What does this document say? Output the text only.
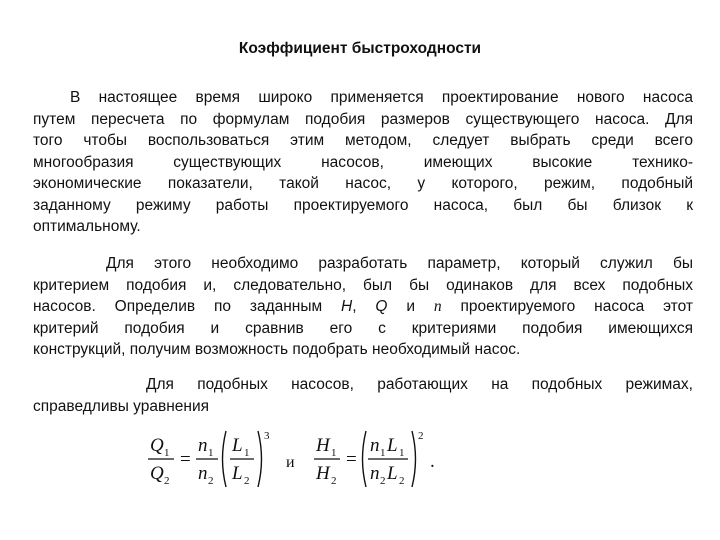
Коэффициент быстроходности
В настоящее время широко применяется проектирование нового насоса
путем пересчета по формулам подобия размеров существующего насоса. Для
того чтобы воспользоваться этим методом, следует выбрать среди всего
многообразия существующих насосов, имеющих высокие технико-
экономические показатели, такой насос, у которого, режим, подобный
заданному режиму работы проектируемого насоса, был бы близок к
оптимальному.
Для этого необходимо разработать параметр, который служил бы
критерием подобия и, следовательно, был бы одинаков для всех подобных
насосов. Определив по заданным H, Q и n проектируемого насоса этот
критерий подобия и сравнив его с критериями подобия имеющихся
конструкций, получим возможность подобрать необходимый насос.
Для подобных насосов, работающих на подобных режимах,
справедливы уравнения
Q 1
Q 2
=
n 1
n 2
L 1
L 2
3
и
H 1
H 2
=
n 1 L 1
n 2 L 2
2
.
